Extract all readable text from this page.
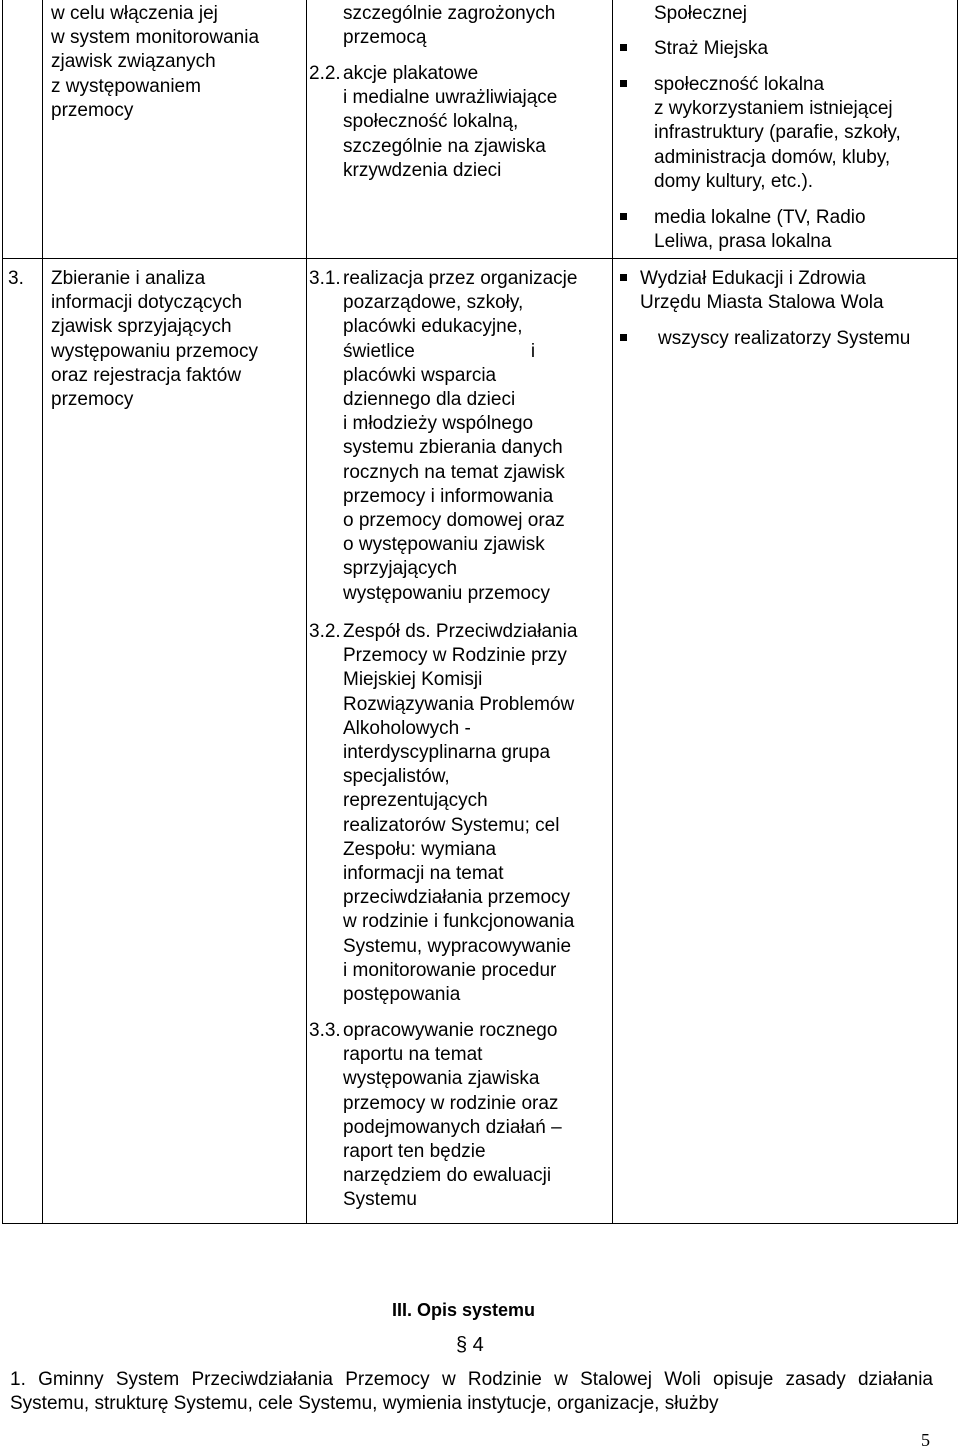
w celu włączenia jej
w system monitorowania
zjawisk związanych
z występowaniem
przemocy
szczególnie zagrożonych
przemocą
2.2. akcje plakatowe
i medialne uwrażliwiające
społeczność lokalną,
szczególnie na zjawiska
krzywdzenia dzieci
Społecznej
Straż Miejska
społeczność lokalna
z wykorzystaniem istniejącej
infrastruktury (parafie, szkoły,
administracja domów, kluby,
domy kultury, etc.).
media lokalne (TV, Radio
Leliwa, prasa lokalna
3. Zbieranie i analiza
informacji dotyczących
zjawisk sprzyjających
występowaniu przemocy
oraz rejestracja faktów
przemocy
3.1. realizacja przez organizacje
pozarządowe, szkoły,
placówki edukacyjne,
świetlice                      i
placówki wsparcia
dziennego dla dzieci
i młodzieży wspólnego
systemu zbierania danych
rocznych na temat zjawisk
przemocy i informowania
o przemocy domowej oraz
o występowaniu zjawisk
sprzyjających
występowaniu przemocy
3.2. Zespół ds. Przeciwdziałania
Przemocy w Rodzinie przy
Miejskiej Komisji
Rozwiązywania Problemów
Alkoholowych -
interdyscyplinarna grupa
specjalistów,
reprezentujących
realizatorów Systemu; cel
Zespołu: wymiana
informacji na temat
przeciwdziałania przemocy
w rodzinie i funkcjonowania
Systemu, wypracowywanie
i monitorowanie procedur
postępowania
3.3. opracowywanie rocznego
raportu na temat
występowania zjawiska
przemocy w rodzinie oraz
podejmowanych działań –
raport ten będzie
narzędziem do ewaluacji
Systemu
Wydział Edukacji i Zdrowia
Urzędu Miasta Stalowa Wola
wszyscy realizatorzy Systemu
III. Opis systemu
§ 4
1. Gminny System Przeciwdziałania Przemocy w Rodzinie w Stalowej Woli opisuje zasady działania Systemu, strukturę Systemu, cele Systemu, wymienia instytucje, organizacje, służby
5
